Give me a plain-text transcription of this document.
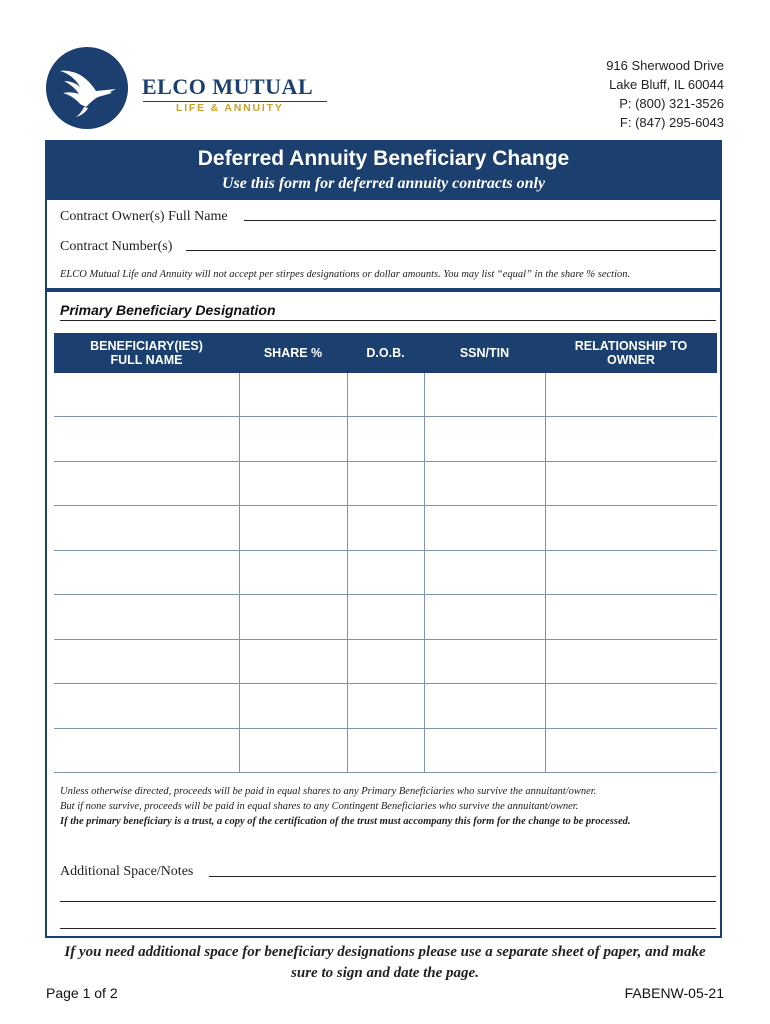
ELCO MUTUAL
LIFE & ANNUITY
916 Sherwood Drive
Lake Bluff, IL 60044
P: (800) 321-3526
F: (847) 295-6043
Deferred Annuity Beneficiary Change
Use this form for deferred annuity contracts only
Contract Owner(s) Full Name
Contract Number(s)
ELCO Mutual Life and Annuity will not accept per stirpes designations or dollar amounts. You may list “equal” in the share % section.
Primary Beneficiary Designation
BENEFICIARY(IES)
FULL NAME	SHARE %	D.O.B.	SSN/TIN	RELATIONSHIP TO
OWNER
Unless otherwise directed, proceeds will be paid in equal shares to any Primary Beneficiaries who survive the annuitant/owner.
But if none survive, proceeds will be paid in equal shares to any Contingent Beneficiaries who survive the annuitant/owner.
If the primary beneficiary is a trust, a copy of the certification of the trust must accompany this form for the change to be processed.
Additional Space/Notes
If you need additional space for beneficiary designations please use a separate sheet of paper, and make sure to sign and date the page.
Page 1 of 2	FABENW-05-21
